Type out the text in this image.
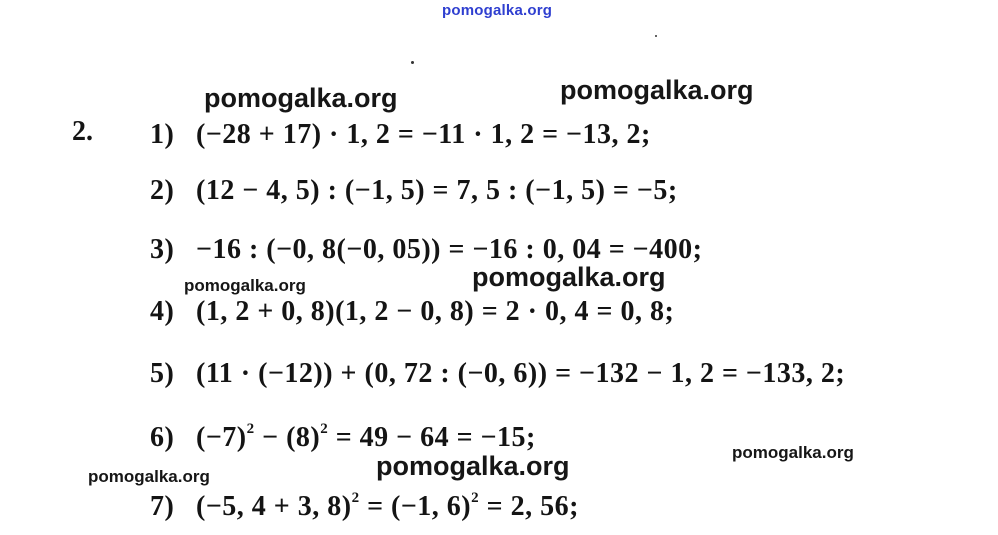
pomogalka.org
pomogalka.org	pomogalka.org
pomogalka.org	pomogalka.org
pomogalka.org
pomogalka.org
pomogalka.org
2. 1) (−28 + 17) · 1, 2 = −11 · 1, 2 = −13, 2;
2) (12 − 4, 5) : (−1, 5) = 7, 5 : (−1, 5) = −5;
3) −16 : (−0, 8(−0, 05)) = −16 : 0, 04 = −400;
4) (1, 2 + 0, 8)(1, 2 − 0, 8) = 2 · 0, 4 = 0, 8;
5) (11 · (−12)) + (0, 72 : (−0, 6)) = −132 − 1, 2 = −133, 2;
6) $(-7)^2 - (8)^2 = 49 - 64 = -15$;
7) (−5, 4 + 3, 8)$^2$ = (−1, 6)$^2$ = 2, 56;
